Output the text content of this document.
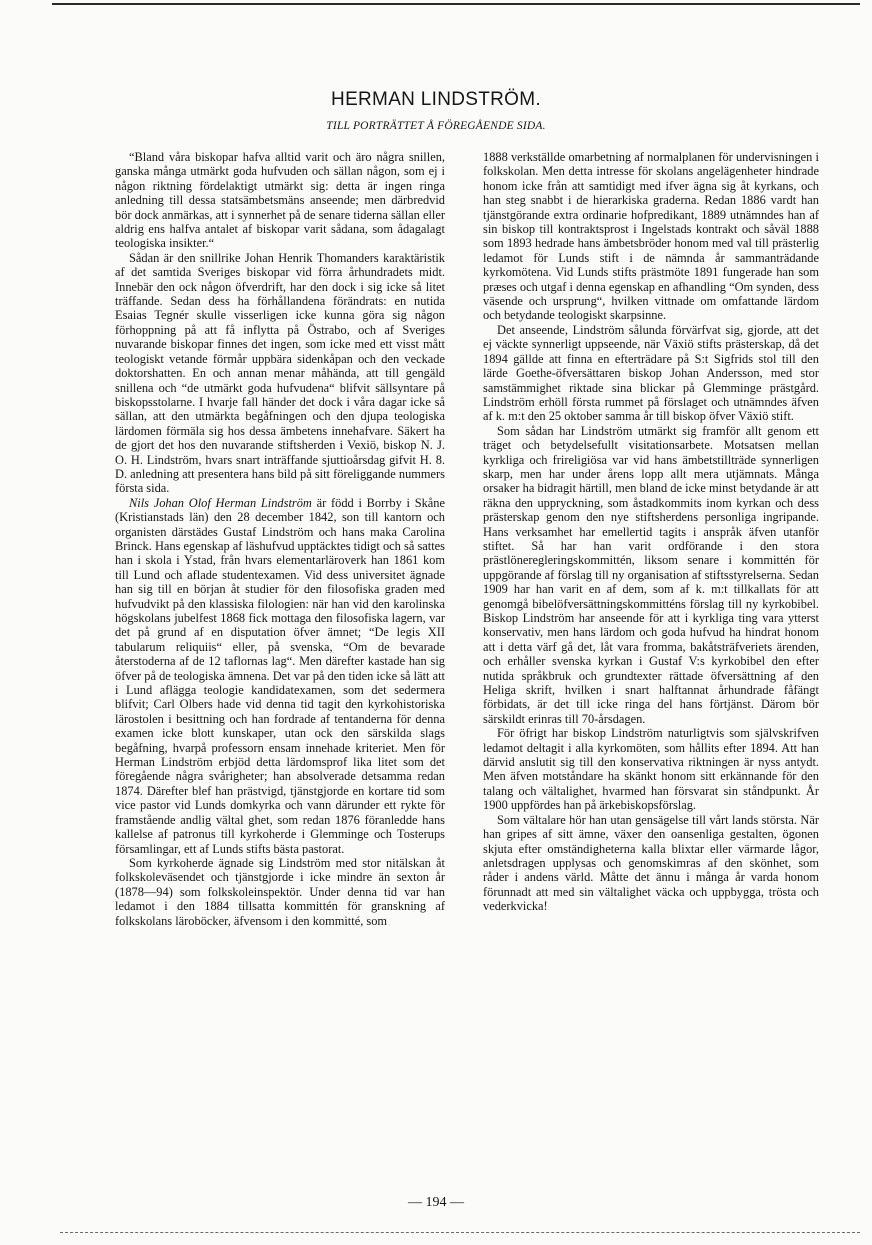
HERMAN LINDSTRÖM.
TILL PORTRÄTTET Å FÖREGÅENDE SIDA.

“Bland våra biskopar hafva alltid varit och äro några snillen, ganska många utmärkt goda hufvuden och sällan någon, som ej i någon riktning fördelaktigt utmärkt sig: detta är ingen ringa anledning till dessa statsämbetsmäns anseende; men därbredvid bör dock anmärkas, att i synnerhet på de senare tiderna sällan eller aldrig ens halfva antalet af biskopar varit sådana, som ådagalagt teologiska insikter.“

Sådan är den snillrike Johan Henrik Thomanders karaktäristik af det samtida Sveriges biskopar vid förra århundradets midt. Innebär den ock någon öfverdrift, har den dock i sig icke så litet träffande. Sedan dess ha förhållandena förändrats: en nutida Esaias Tegnér skulle visserligen icke kunna göra sig någon förhoppning på att få inflytta på Östrabo, och af Sveriges nuvarande biskopar finnes det ingen, som icke med ett visst mått teologiskt vetande förmår uppbära sidenkåpan och den veckade doktorshatten. En och annan menar måhända, att till gengäld snillena och “de utmärkt goda hufvudena“ blifvit sällsyntare på biskopsstolarne. I hvarje fall händer det dock i våra dagar icke så sällan, att den utmärkta begåfningen och den djupa teologiska lärdomen förmäla sig hos dessa ämbetens innehafvare. Säkert ha de gjort det hos den nuvarande stiftsherden i Vexiö, biskop N. J. O. H. Lindström, hvars snart inträffande sjuttioårsdag gifvit H. 8. D. anledning att presentera hans bild på sitt föreliggande nummers första sida.

Nils Johan Olof Herman Lindström är född i Borrby i Skåne (Kristianstads län) den 28 december 1842, son till kantorn och organisten därstädes Gustaf Lindström och hans maka Carolina Brinck. Hans egenskap af läshufvud upptäcktes tidigt och så sattes han i skola i Ystad, från hvars elementarläroverk han 1861 kom till Lund och aflade studentexamen. Vid dess universitet ägnade han sig till en början åt studier för den filosofiska graden med hufvudvikt på den klassiska filologien: när han vid den karolinska högskolans jubelfest 1868 fick mottaga den filosofiska lagern, var det på grund af en disputation öfver ämnet; “De legis XII tabularum reliquiis“ eller, på svenska, “Om de bevarade återstoderna af de 12 taflornas lag“. Men därefter kastade han sig öfver på de teologiska ämnena. Det var på den tiden icke så lätt att i Lund afläggа teologie kandidatexamen, som det sedermera blifvit; Carl Olbers hade vid denna tid tagit den kyrkohistoriska lärostolen i besittning och han fordrade af tentanderna för denna examen icke blott kunskaper, utan ock den särskilda slags begåfning, hvarpå professorn ensam innehade kriteriet. Men för Herman Lindström erbjöd detta lärdomsprof lika litet som det föregående några svårigheter; han absolverade detsamma redan 1874. Därefter blef han prästvigd, tjänstgjorde en kortare tid som vice pastor vid Lunds domkyrka och vann därunder ett rykte för framstående andlig vältal ghet, som redan 1876 föranledde hans kallelse af patronus till kyrkoherde i Glemminge och Tosterups församlingar, ett af Lunds stifts bästa pastorat.

Som kyrkoherde ägnade sig Lindström med stor nitälskan åt folkskoleväsendet och tjänstgjorde i icke mindre än sexton år (1878—94) som folkskoleinspektör. Under denna tid var han ledamot i den 1884 tillsatta kommittén för granskning af folkskolans läroböcker, äfvensom i den kommitté, som

1888 verkställde omarbetning af normalplanen för undervisningen i folkskolan. Men detta intresse för skolans angelägenheter hindrade honom icke från att samtidigt med ifver ägna sig åt kyrkans, och han steg snabbt i de hierarkiska graderna. Redan 1886 vardt han tjänstgörande extra ordinarie hofpredikant, 1889 utnämndes han af sin biskop till kontraktsprost i Ingelstads kontrakt och såväl 1888 som 1893 hedrade hans ämbetsbröder honom med val till prästerlig ledamot för Lunds stift i de nämnda år sammanträdande kyrkomötena. Vid Lunds stifts prästmöte 1891 fungerade han som præses och utgaf i denna egenskap en afhandling “Om synden, dess väsende och ursprung“, hvilken vittnade om omfattande lärdom och betydande teologiskt skarpsinne.

Det anseende, Lindström sålunda förvärfvat sig, gjorde, att det ej väckte synnerligt uppseende, när Växiö stifts prästerskap, då det 1894 gällde att finna en efterträdare på S:t Sigfrids stol till den lärde Goethe-öfversättaren biskop Johan Andersson, med stor samstämmighet riktade sina blickar på Glemminge prästgård. Lindström erhöll första rummet på förslaget och utnämndes äfven af k. m:t den 25 oktober samma år till biskop öfver Växiö stift.

Som sådan har Lindström utmärkt sig framför allt genom ett träget och betydelsefullt visitationsarbete. Motsatsen mellan kyrkliga och frireligiösa var vid hans ämbetstillträde synnerligen skarp, men har under årens lopp allt mera utjämnats. Många orsaker ha bidragit härtill, men bland de icke minst betydande är att räkna den uppryckning, som åstadkommits inom kyrkan och dess prästerskap genom den nye stiftsherdens personliga ingripande. Hans verksamhet har emellertid tagits i anspråk äfven utanför stiftet. Så har han varit ordförande i den stora prästlöneregleringskommittén, liksom senare i kommittén för uppgörande af förslag till ny organisation af stiftsstyrelserna. Sedan 1909 har han varit en af dem, som af k. m:t tillkallats för att genomgå bibelöfversättningskommitténs förslag till ny kyrkobibel. Biskop Lindström har anseende för att i kyrkliga ting vara ytterst konservativ, men hans lärdom och goda hufvud ha hindrat honom att i detta värf gå det, låt vara fromma, bakåtsträfveriets ärenden, och erhåller svenska kyrkan i Gustaf V:s kyrkobibel den efter nutida språkbruk och grundtexter rättade öfversättning af den Heliga skrift, hvilken i snart halftannat århundrade fåfängt förbidats, är det till icke ringa del hans förtjänst. Därom bör särskildt erinras till 70-årsdagen.

För öfrigt har biskop Lindström naturligtvis som självskrifven ledamot deltagit i alla kyrkomöten, som hållits efter 1894. Att han därvid anslutit sig till den konservativa riktningen är nyss antydt. Men äfven motståndare ha skänkt honom sitt erkännande för den talang och vältalighet, hvarmed han försvarat sin ståndpunkt. År 1900 uppfördes han på ärkebiskopsförslag.

Som vältalare hör han utan gensägelse till vårt lands största. När han gripes af sitt ämne, växer den oansenliga gestalten, ögonen skjuta efter omständigheterna kalla blixtar eller värmarde lågor, anletsdragen upplysas och genomskimras af den skönhet, som råder i andens värld. Måtte det ännu i många år varda honom förunnadt att med sin vältalighet väcka och uppbygga, trösta och vederkvicka!

— 194 —
